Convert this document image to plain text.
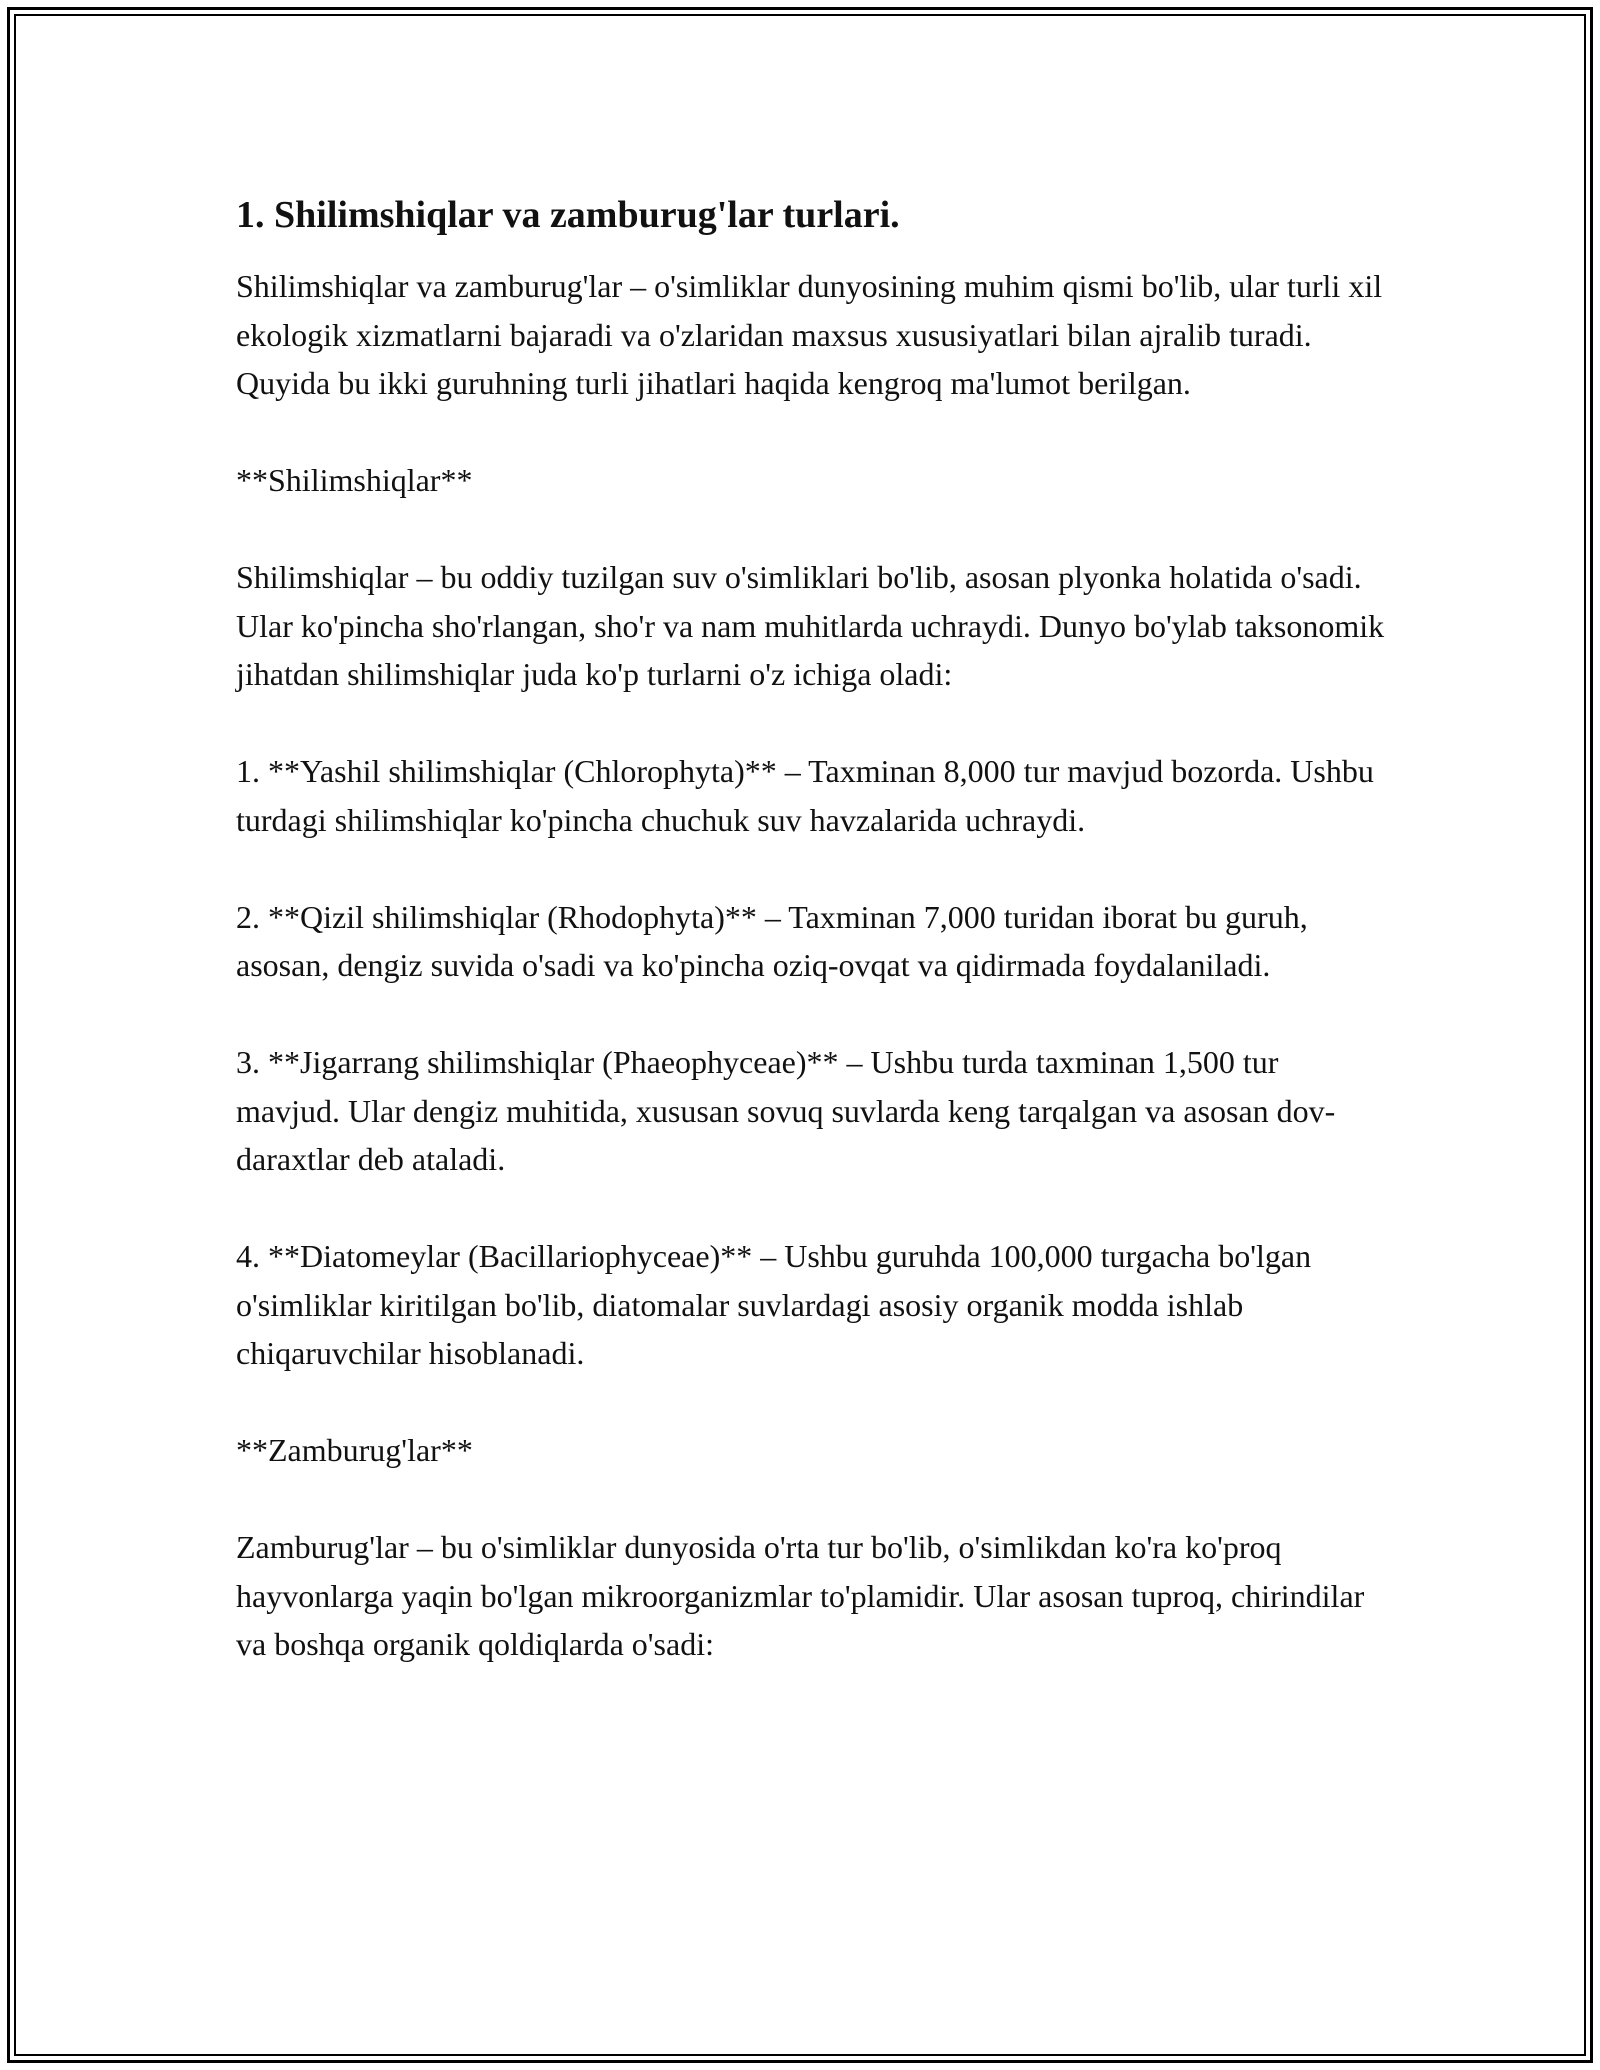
1. Shilimshiqlar va zamburug'lar turlari.

Shilimshiqlar va zamburug'lar – o'simliklar dunyosining muhim qismi bo'lib, ular turli xil ekologik xizmatlarni bajaradi va o'zlaridan maxsus xususiyatlari bilan ajralib turadi. Quyida bu ikki guruhning turli jihatlari haqida kengroq ma'lumot berilgan.

**Shilimshiqlar**

Shilimshiqlar – bu oddiy tuzilgan suv o'simliklari bo'lib, asosan plyonka holatida o'sadi. Ular ko'pincha sho'rlangan, sho'r va nam muhitlarda uchraydi. Dunyo bo'ylab taksonomik jihatdan shilimshiqlar juda ko'p turlarni o'z ichiga oladi:

1. **Yashil shilimshiqlar (Chlorophyta)** – Taxminan 8,000 tur mavjud bozorda. Ushbu turdagi shilimshiqlar ko'pincha chuchuk suv havzalarida uchraydi.

2. **Qizil shilimshiqlar (Rhodophyta)** – Taxminan 7,000 turidan iborat bu guruh, asosan, dengiz suvida o'sadi va ko'pincha oziq-ovqat va qidirmada foydalaniladi.

3. **Jigarrang shilimshiqlar (Phaeophyceae)** – Ushbu turda taxminan 1,500 tur mavjud. Ular dengiz muhitida, xususan sovuq suvlarda keng tarqalgan va asosan dov-daraxtlar deb ataladi.

4. **Diatomeylar (Bacillariophyceae)** – Ushbu guruhda 100,000 turgacha bo'lgan o'simliklar kiritilgan bo'lib, diatomalar suvlardagi asosiy organik modda ishlab chiqaruvchilar hisoblanadi.

**Zamburug'lar**

Zamburug'lar – bu o'simliklar dunyosida o'rta tur bo'lib, o'simlikdan ko'ra ko'proq hayvonlarga yaqin bo'lgan mikroorganizmlar to'plamidir. Ular asosan tuproq, chirindilar va boshqa organik qoldiqlarda o'sadi:
